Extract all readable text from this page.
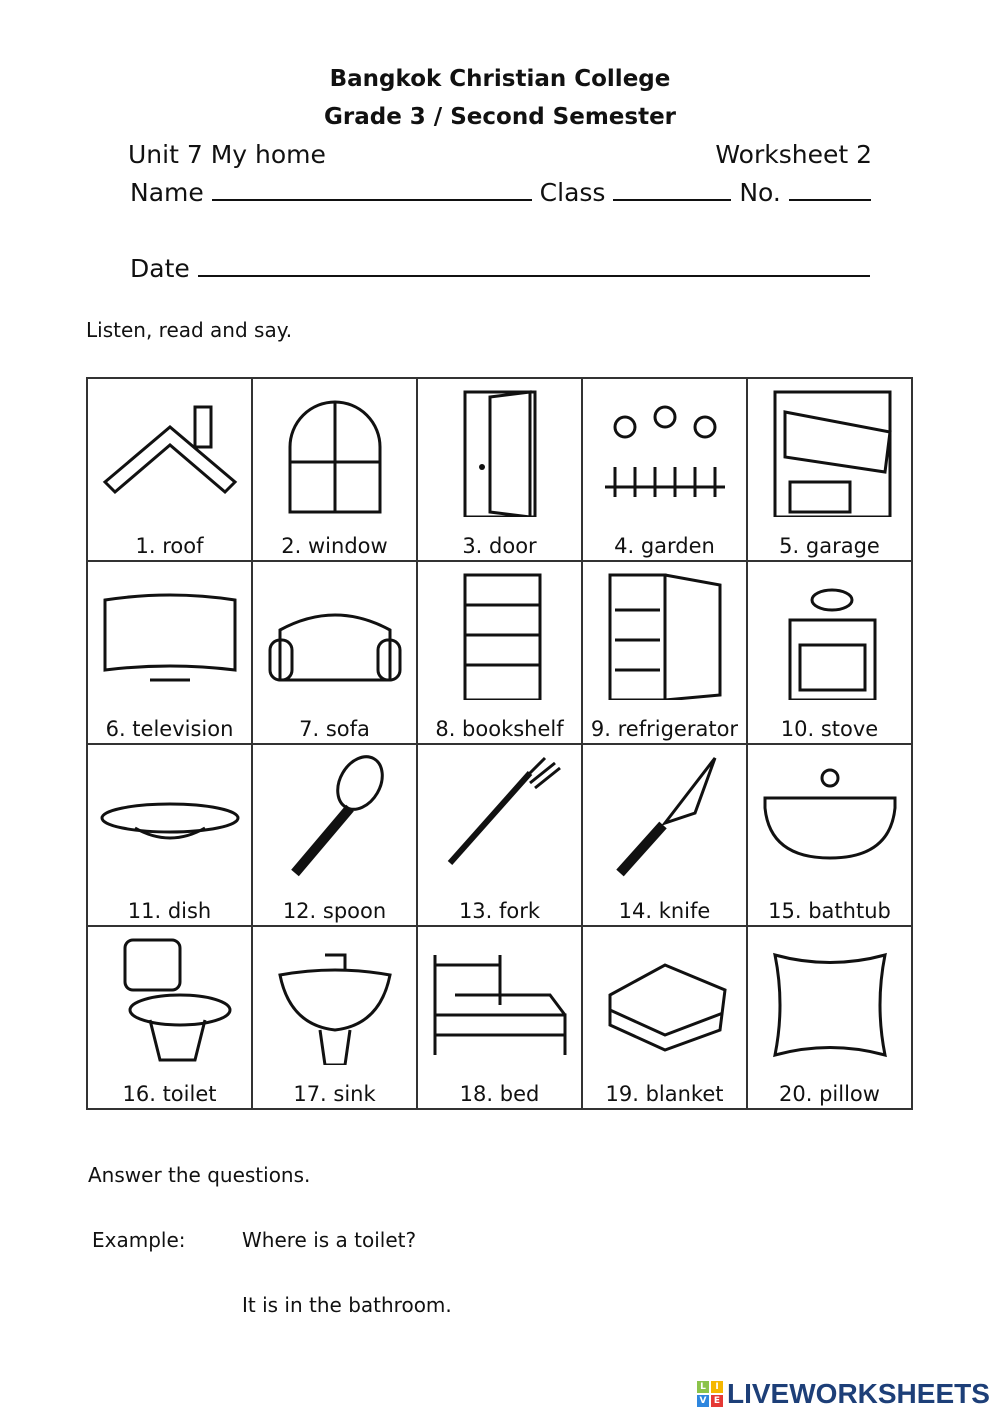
Bangkok Christian College
Grade 3 / Second Semester
Unit 7 My home	Worksheet 2
Name	Class	No.
Date
Listen, read and say.
1. roof	2. window	3. door	4. garden	5. garage
6. television	7. sofa	8. bookshelf	9. refrigerator	10. stove
11. dish	12. spoon	13. fork	14. knife	15. bathtub
16. toilet	17. sink	18. bed	19. blanket	20. pillow
Answer the questions.
Example:	Where is a toilet?
It is in the bathroom.
L	I
V E LIVEWORKSHEETS
